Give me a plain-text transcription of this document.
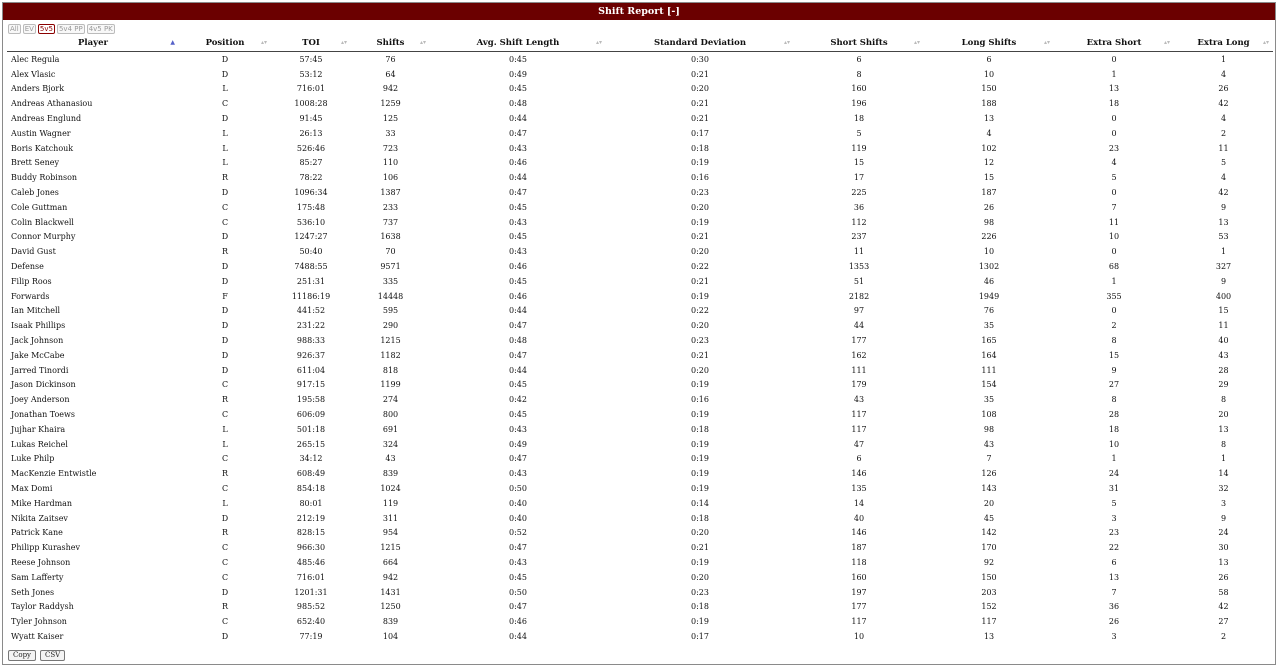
Shift Report [-]
All EV 5v5 5v4 PP 4v5 PK
Player ▲	Position ▴▾	TOI ▴▾	Shifts ▴▾	Avg. Shift Length ▴▾	Standard Deviation ▴▾	Short Shifts ▴▾	Long Shifts ▴▾	Extra Short ▴▾	Extra Long ▴▾

Alec Regula	D	57:45	76	0:45	0:30	6	6	0	1
Alex Vlasic	D	53:12	64	0:49	0:21	8	10	1	4
Anders Bjork	L	716:01	942	0:45	0:20	160	150	13	26
Andreas Athanasiou	C	1008:28	1259	0:48	0:21	196	188	18	42
Andreas Englund	D	91:45	125	0:44	0:21	18	13	0	4
Austin Wagner	L	26:13	33	0:47	0:17	5	4	0	2
Boris Katchouk	L	526:46	723	0:43	0:18	119	102	23	11
Brett Seney	L	85:27	110	0:46	0:19	15	12	4	5
Buddy Robinson	R	78:22	106	0:44	0:16	17	15	5	4
Caleb Jones	D	1096:34	1387	0:47	0:23	225	187	0	42
Cole Guttman	C	175:48	233	0:45	0:20	36	26	7	9
Colin Blackwell	C	536:10	737	0:43	0:19	112	98	11	13
Connor Murphy	D	1247:27	1638	0:45	0:21	237	226	10	53
David Gust	R	50:40	70	0:43	0:20	11	10	0	1
Defense	D	7488:55	9571	0:46	0:22	1353	1302	68	327
Filip Roos	D	251:31	335	0:45	0:21	51	46	1	9
Forwards	F	11186:19	14448	0:46	0:19	2182	1949	355	400
Ian Mitchell	D	441:52	595	0:44	0:22	97	76	0	15
Isaak Phillips	D	231:22	290	0:47	0:20	44	35	2	11
Jack Johnson	D	988:33	1215	0:48	0:23	177	165	8	40
Jake McCabe	D	926:37	1182	0:47	0:21	162	164	15	43
Jarred Tinordi	D	611:04	818	0:44	0:20	111	111	9	28
Jason Dickinson	C	917:15	1199	0:45	0:19	179	154	27	29
Joey Anderson	R	195:58	274	0:42	0:16	43	35	8	8
Jonathan Toews	C	606:09	800	0:45	0:19	117	108	28	20
Jujhar Khaira	L	501:18	691	0:43	0:18	117	98	18	13
Lukas Reichel	L	265:15	324	0:49	0:19	47	43	10	8
Luke Philp	C	34:12	43	0:47	0:19	6	7	1	1
MacKenzie Entwistle	R	608:49	839	0:43	0:19	146	126	24	14
Max Domi	C	854:18	1024	0:50	0:19	135	143	31	32
Mike Hardman	L	80:01	119	0:40	0:14	14	20	5	3
Nikita Zaitsev	D	212:19	311	0:40	0:18	40	45	3	9
Patrick Kane	R	828:15	954	0:52	0:20	146	142	23	24
Philipp Kurashev	C	966:30	1215	0:47	0:21	187	170	22	30
Reese Johnson	C	485:46	664	0:43	0:19	118	92	6	13
Sam Lafferty	C	716:01	942	0:45	0:20	160	150	13	26
Seth Jones	D	1201:31	1431	0:50	0:23	197	203	7	58
Taylor Raddysh	R	985:52	1250	0:47	0:18	177	152	36	42
Tyler Johnson	C	652:40	839	0:46	0:19	117	117	26	27
Wyatt Kaiser	D	77:19	104	0:44	0:17	10	13	3	2
Copy	CSV
